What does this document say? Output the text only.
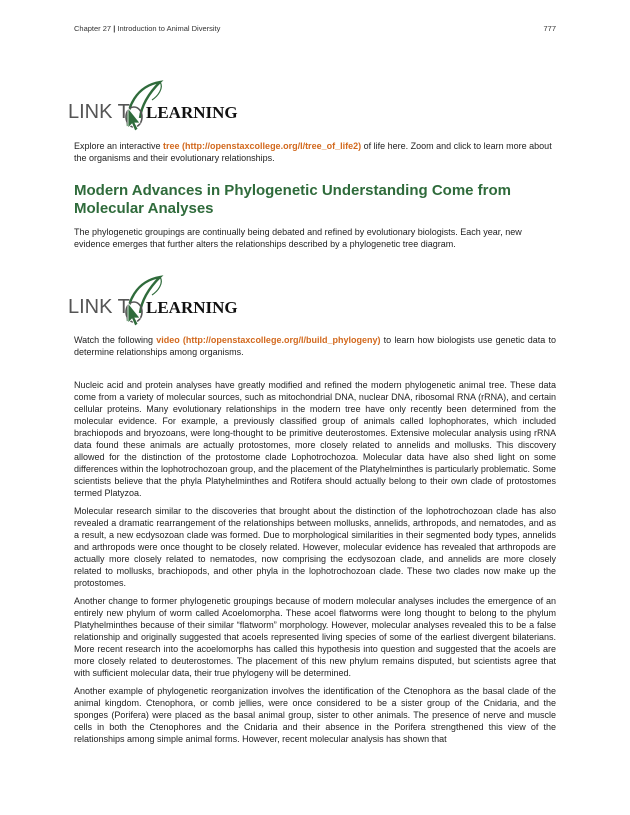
Chapter 27 | Introduction to Animal Diversity	777
LINK T LEARNING
Explore an interactive tree (http://openstaxcollege.org/l/tree_of_life2) of life here. Zoom and click to learn more about the organisms and their evolutionary relationships.
Modern Advances in Phylogenetic Understanding Come from Molecular Analyses
The phylogenetic groupings are continually being debated and refined by evolutionary biologists. Each year, new evidence emerges that further alters the relationships described by a phylogenetic tree diagram.
LINK T LEARNING
Watch the following video (http://openstaxcollege.org/l/build_phylogeny) to learn how biologists use genetic data to determine relationships among organisms.

Nucleic acid and protein analyses have greatly modified and refined the modern phylogenetic animal tree. These data come from a variety of molecular sources, such as mitochondrial DNA, nuclear DNA, ribosomal RNA (rRNA), and certain cellular proteins. Many evolutionary relationships in the modern tree have only recently been determined from the molecular evidence. For example, a previously classified group of animals called lophophorates, which included brachiopods and bryozoans, were long-thought to be primitive deuterostomes. Extensive molecular analysis using rRNA data found these animals are actually protostomes, more closely related to annelids and mollusks. This discovery allowed for the distinction of the protostome clade Lophotrochozoa. Molecular data have also shed light on some differences within the lophotrochozoan group, and the placement of the Platyhelminthes is particularly problematic. Some scientists believe that the phyla Platyhelminthes and Rotifera should actually belong to their own clade of protostomes termed Platyzoa.

Molecular research similar to the discoveries that brought about the distinction of the lophotrochozoan clade has also revealed a dramatic rearrangement of the relationships between mollusks, annelids, arthropods, and nematodes, and as a result, a new ecdysozoan clade was formed. Due to morphological similarities in their segmented body types, annelids and arthropods were once thought to be closely related. However, molecular evidence has revealed that arthropods are actually more closely related to nematodes, now comprising the ecdysozoan clade, and annelids are more closely related to mollusks, brachiopods, and other phyla in the lophotrochozoan clade. These two clades now make up the protostomes.

Another change to former phylogenetic groupings because of modern molecular analyses includes the emergence of an entirely new phylum of worm called Acoelomorpha. These acoel flatworms were long thought to belong to the phylum Platyhelminthes because of their similar “flatworm” morphology. However, molecular analyses revealed this to be a false relationship and originally suggested that acoels represented living species of some of the earliest divergent bilaterians. More recent research into the acoelomorphs has called this hypothesis into question and suggested that the acoels are more closely related to deuterostomes. The placement of this new phylum remains disputed, but scientists agree that with sufficient molecular data, their true phylogeny will be determined.

Another example of phylogenetic reorganization involves the identification of the Ctenophora as the basal clade of the animal kingdom. Ctenophora, or comb jellies, were once considered to be a sister group of the Cnidaria, and the sponges (Porifera) were placed as the basal animal group, sister to other animals. The presence of nerve and muscle cells in both the Ctenophores and the Cnidaria and their absence in the Porifera strengthened this view of the relationships among simple animal forms. However, recent molecular analysis has shown that
